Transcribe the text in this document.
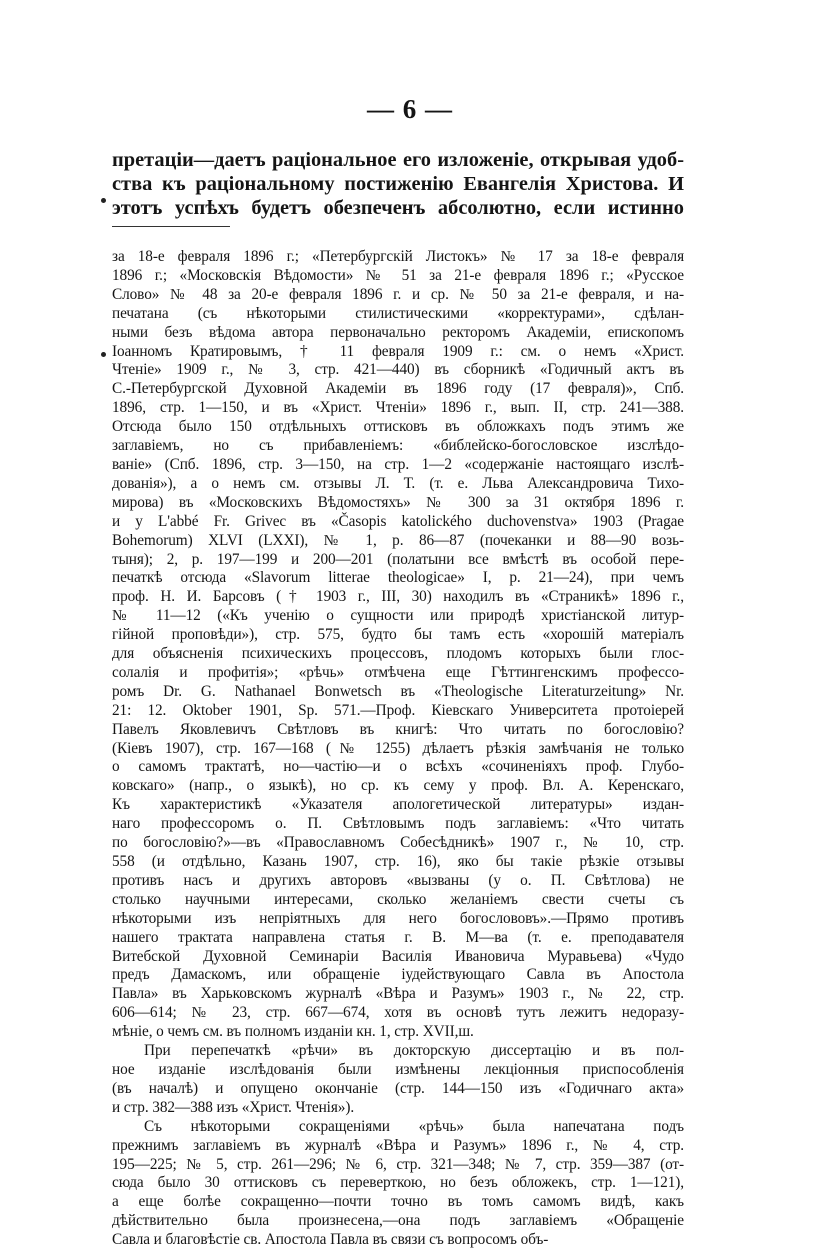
— 6 —
претаціи—даетъ раціональное его изложеніе, открывая удоб-
ства къ раціональному постиженію Евангелія Христова. И
этотъ успѣхъ будетъ обезпеченъ абсолютно, если истинно
за 18-е февраля 1896 г.; «Петербургскій Листокъ» № 17 за 18-е февраля
1896 г.; «Московскія Вѣдомости» № 51 за 21-е февраля 1896 г.; «Русское
Слово» № 48 за 20-е февраля 1896 г. и ср. № 50 за 21-е февраля, и на-
печатана (съ нѣкоторыми стилистическими «корректурами», сдѣлан-
ными безъ вѣдома автора первоначально ректоромъ Академіи, епископомъ
Іоанномъ Кратировымъ, † 11 февраля 1909 г.: см. о немъ «Христ.
Чтеніе» 1909 г., № 3, стр. 421—440) въ сборникѣ «Годичный актъ въ
С.-Петербургской Духовной Академіи въ 1896 году (17 февраля)», Спб.
1896, стр. 1—150, и въ «Христ. Чтеніи» 1896 г., вып. II, стр. 241—388.
Отсюда было 150 отдѣльныхъ оттисковъ въ обложкахъ подъ этимъ же
заглавіемъ, но съ прибавленіемъ: «библейско-богословское изслѣдо-
ваніе» (Спб. 1896, стр. 3—150, на стр. 1—2 «содержаніе настоящаго изслѣ-
дованія»), а о немъ см. отзывы Л. Т. (т. е. Льва Александровича Тихо-
мирова) въ «Московскихъ Вѣдомостяхъ» № 300 за 31 октября 1896 г.
и у L'abbé Fr. Grivec въ «Časopis katolického duchovenstva» 1903 (Pragae
Bohemorum) XLVI (LXXI), № 1, p. 86—87 (почеканки и 88—90 возь-
тыня); 2, p. 197—199 и 200—201 (полатыни все вмѣстѣ въ особой пере-
печаткѣ отсюда «Slavorum litterae theologicae» I, p. 21—24), при чемъ
проф. Н. И. Барсовъ († 1903 г., III, 30) находилъ въ «Страникѣ» 1896 г.,
№ 11—12 («Къ ученію о сущности или природѣ христіанской литур-
гійной проповѣди»), стр. 575, будто бы тамъ есть «хорошій матеріалъ
для объясненія психическихъ процессовъ, плодомъ которыхъ были глос-
солалія и профитія»; «рѣчь» отмѣчена еще Гѣттингенскимъ профессо-
ромъ Dr. G. Nathanael Bonwetsch въ «Theologische Literaturzeitung» Nr.
21: 12. Oktober 1901, Sp. 571.—Проф. Кіевскаго Университета протоіерей
Павелъ Яковлевичъ Свѣтловъ въ книгѣ: Что читать по богословію?
(Кіевъ 1907), стр. 167—168 (№ 1255) дѣлаетъ рѣзкія замѣчанія не только
о самомъ трактатѣ, но—частію—и о всѣхъ «сочиненіяхъ проф. Глубо-
ковскаго» (напр., о языкѣ), но ср. къ сему у проф. Вл. А. Керенскаго,
Къ характеристикѣ «Указателя апологетической литературы» издан-
наго профессоромъ о. П. Свѣтловымъ подъ заглавіемъ: «Что читать
по богословію?»—въ «Православномъ Собесѣдникѣ» 1907 г., № 10, стр.
558 (и отдѣльно, Казань 1907, стр. 16), яко бы такіе рѣзкіе отзывы
противъ насъ и другихъ авторовъ «вызваны (у о. П. Свѣтлова) не
столько научными интересами, сколько желаніемъ свести счеты съ
нѣкоторыми изъ непріятныхъ для него богослововъ».—Прямо противъ
нашего трактата направлена статья г. В. М—ва (т. е. преподавателя
Витебской Духовной Семинаріи Василія Ивановича Муравьева) «Чудо
предъ Дамаскомъ, или обращеніе іудействующаго Савла въ Апостола
Павла» въ Харьковскомъ журналѣ «Вѣра и Разумъ» 1903 г., № 22, стр.
606—614; № 23, стр. 667—674, хотя въ основѣ тутъ лежитъ недоразу-
мѣніе, о чемъ см. въ полномъ изданіи кн. 1, стр. XVII,ш.
При перепечаткѣ «рѣчи» въ докторскую диссертацію и въ пол-
ное изданіе изслѣдованія были измѣнены лекціонныя приспособленія
(въ началѣ) и опущено окончаніе (стр. 144—150 изъ «Годичнаго акта»
и стр. 382—388 изъ «Христ. Чтенія»).
Съ нѣкоторыми сокращеніями «рѣчь» была напечатана подъ
прежнимъ заглавіемъ въ журналѣ «Вѣра и Разумъ» 1896 г., № 4, стр.
195—225; № 5, стр. 261—296; № 6, стр. 321—348; № 7, стр. 359—387 (от-
сюда было 30 оттисковъ съ переверткою, но безъ обложекъ, стр. 1—121),
а еще болѣе сокращенно—почти точно въ томъ самомъ видѣ, какъ
дѣйствительно была произнесена,—она подъ заглавіемъ «Обращеніе
Савла и благовѣстіе св. Апостола Павла въ связи съ вопросомъ объ-
